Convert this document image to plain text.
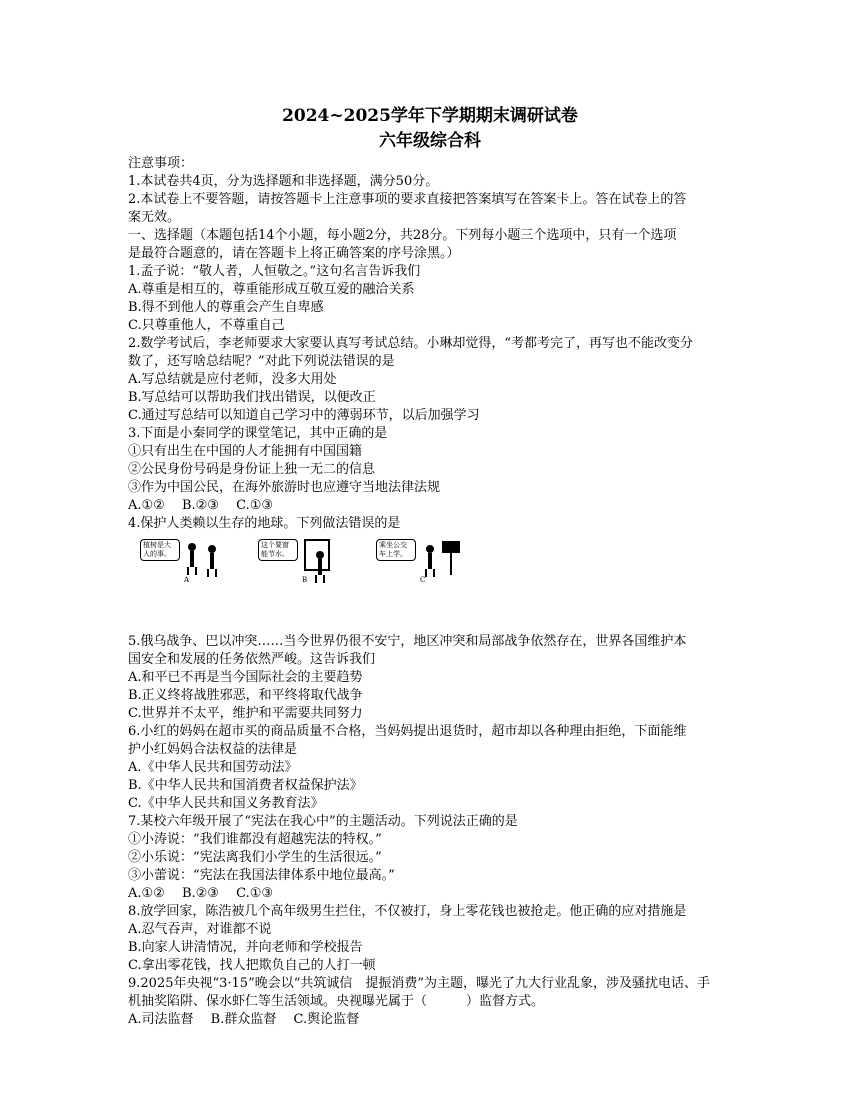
2024~2025学年下学期期末调研试卷
六年级综合科
注意事项：
1.本试卷共4页，分为选择题和非选择题，满分50分。
2.本试卷上不要答题，请按答题卡上注意事项的要求直接把答案填写在答案卡上。答在试卷上的答
案无效。
一、选择题（本题包括14个小题，每小题2分，共28分。下列每小题三个选项中，只有一个选项
是最符合题意的，请在答题卡上将正确答案的序号涂黑。）
1.孟子说：“敬人者，人恒敬之。”这句名言告诉我们
A.尊重是相互的，尊重能形成互敬互爱的融洽关系
B.得不到他人的尊重会产生自卑感
C.只尊重他人，不尊重自己
2.数学考试后，李老师要求大家要认真写考试总结。小琳却觉得，“考都考完了，再写也不能改变分
数了，还写啥总结呢？”对此下列说法错误的是
A.写总结就是应付老师，没多大用处
B.写总结可以帮助我们找出错误，以便改正
C.通过写总结可以知道自己学习中的薄弱环节，以后加强学习
3.下面是小秦同学的课堂笔记，其中正确的是
①只有出生在中国的人才能拥有中国国籍
②公民身份号码是身份证上独一无二的信息
③作为中国公民，在海外旅游时也应遵守当地法律法规
A.①②　 B.②③　 C.①③
4.保护人类赖以生存的地球。下列做法错误的是
植树是大人的事。
A
这个要窗能节水。
B
乘坐公交车上学。
C
5.俄乌战争、巴以冲突……当今世界仍很不安宁，地区冲突和局部战争依然存在，世界各国维护本
国安全和发展的任务依然严峻。这告诉我们
A.和平已不再是当今国际社会的主要趋势
B.正义终将战胜邪恶，和平终将取代战争
C.世界并不太平，维护和平需要共同努力
6.小红的妈妈在超市买的商品质量不合格，当妈妈提出退货时，超市却以各种理由拒绝，下面能维
护小红妈妈合法权益的法律是
A.《中华人民共和国劳动法》
B.《中华人民共和国消费者权益保护法》
C.《中华人民共和国义务教育法》
7.某校六年级开展了“宪法在我心中”的主题活动。下列说法正确的是
①小涛说：“我们谁都没有超越宪法的特权。”
②小乐说：“宪法离我们小学生的生活很远。”
③小蕾说：“宪法在我国法律体系中地位最高。”
A.①②　 B.②③　 C.①③
8.放学回家，陈浩被几个高年级男生拦住，不仅被打，身上零花钱也被抢走。他正确的应对措施是
A.忍气吞声，对谁都不说
B.向家人讲清情况，并向老师和学校报告
C.拿出零花钱，找人把欺负自己的人打一顿
9.2025年央视“3·15”晚会以“共筑诚信　提振消费”为主题，曝光了九大行业乱象，涉及骚扰电话、手
机抽奖陷阱、保水虾仁等生活领域。央视曝光属于（　　　）监督方式。
A.司法监督　 B.群众监督　 C.舆论监督
